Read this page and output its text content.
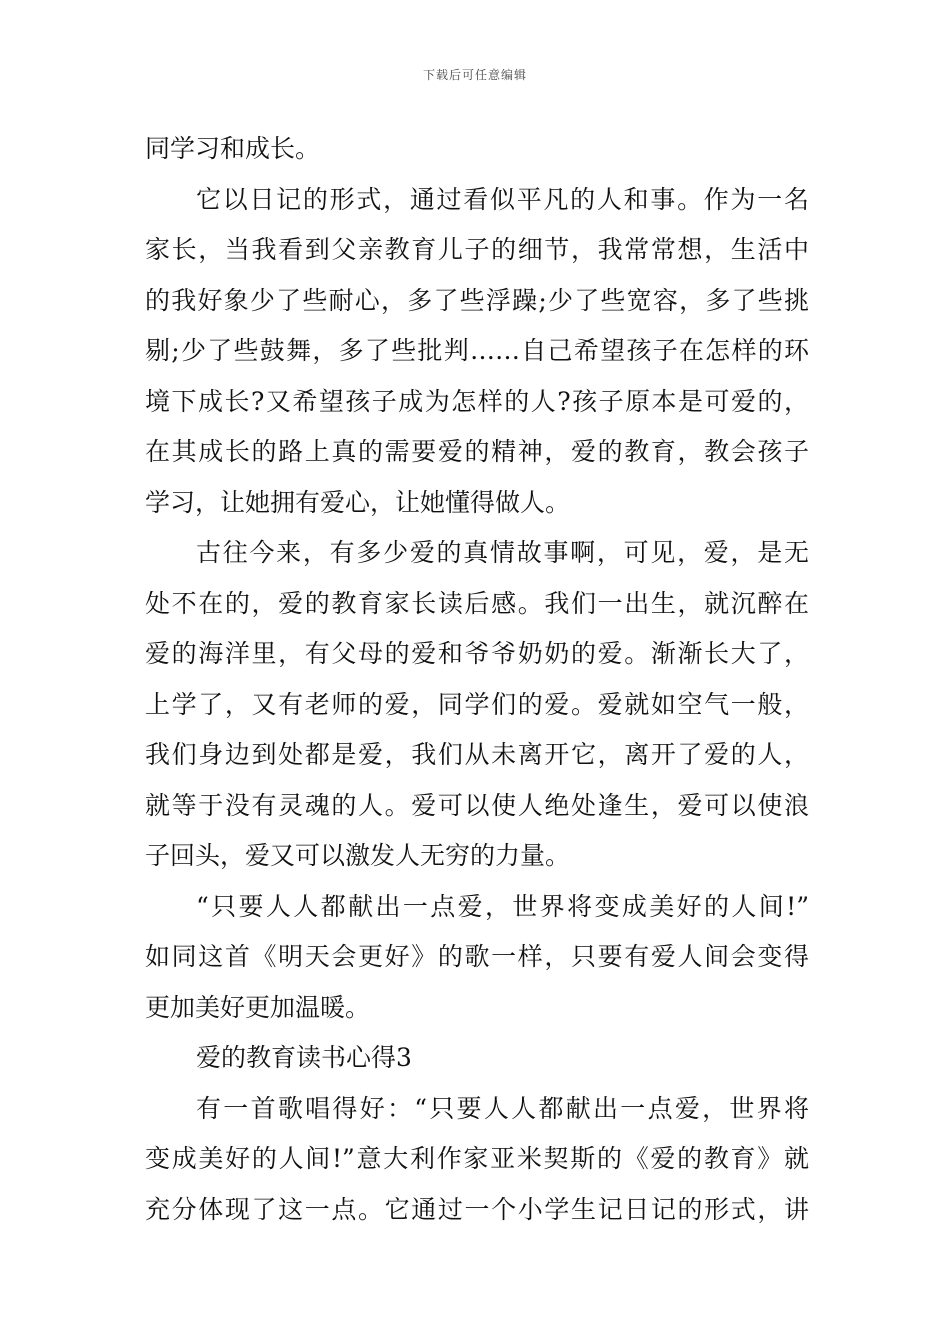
下载后可任意编辑
同学习和成长。
它以日记的形式，通过看似平凡的人和事。作为一名
家长，当我看到父亲教育儿子的细节，我常常想，生活中
的我好象少了些耐心，多了些浮躁;少了些宽容，多了些挑
剔;少了些鼓舞，多了些批判……自己希望孩子在怎样的环
境下成长?又希望孩子成为怎样的人?孩子原本是可爱的，
在其成长的路上真的需要爱的精神，爱的教育，教会孩子
学习，让她拥有爱心，让她懂得做人。
古往今来，有多少爱的真情故事啊，可见，爱，是无
处不在的，爱的教育家长读后感。我们一出生，就沉醉在
爱的海洋里，有父母的爱和爷爷奶奶的爱。渐渐长大了，
上学了，又有老师的爱，同学们的爱。爱就如空气一般，
我们身边到处都是爱，我们从未离开它，离开了爱的人，
就等于没有灵魂的人。爱可以使人绝处逢生，爱可以使浪
子回头，爱又可以激发人无穷的力量。
“只要人人都献出一点爱，世界将变成美好的人间!”
如同这首《明天会更好》的歌一样，只要有爱人间会变得
更加美好更加温暖。
爱的教育读书心得3
有一首歌唱得好：“只要人人都献出一点爱，世界将
变成美好的人间!”意大利作家亚米契斯的《爱的教育》就
充分体现了这一点。它通过一个小学生记日记的形式，讲
